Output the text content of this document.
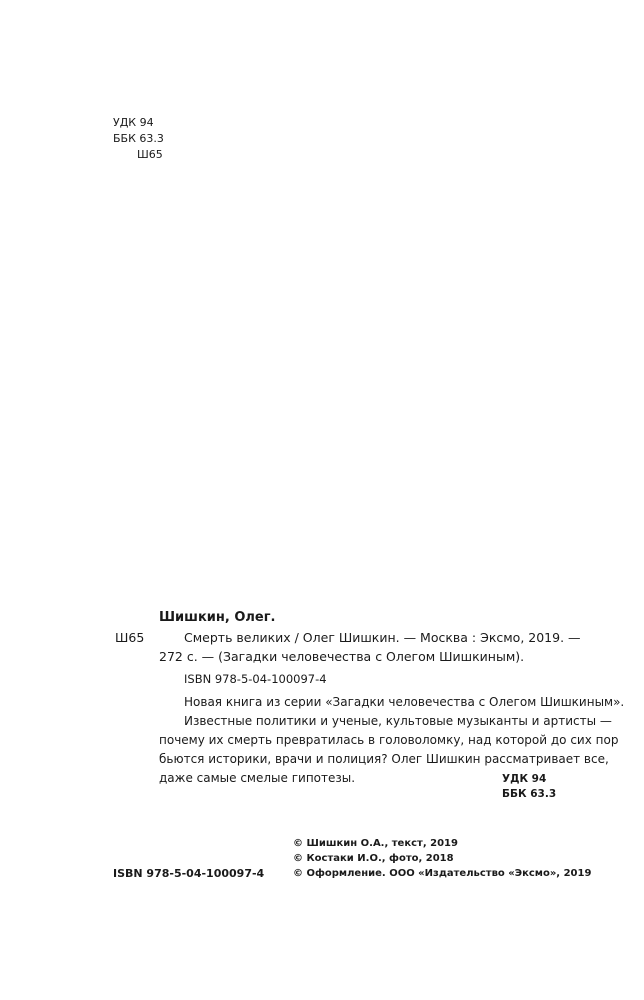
УДК 94
ББК 63.3
Ш65
Шишкин, Олег.
Ш65	Смерть великих / Олег Шишкин. — Москва : Эксмо, 2019. —
272 с. — (Загадки человечества с Олегом Шишкиным).
ISBN 978-5-04-100097-4
Новая книга из серии «Загадки человечества с Олегом Шишкиным».
Известные политики и ученые, культовые музыканты и артисты —
почему их смерть превратилась в головоломку, над которой до сих пор
бьются историки, врачи и полиция? Олег Шишкин рассматривает все,
даже самые смелые гипотезы.	УДК 94
ББК 63.3
© Шишкин О.А., текст, 2019
© Костаки И.О., фото, 2018
© Оформление. ООО «Издательство «Эксмо», 2019
ISBN 978-5-04-100097-4
